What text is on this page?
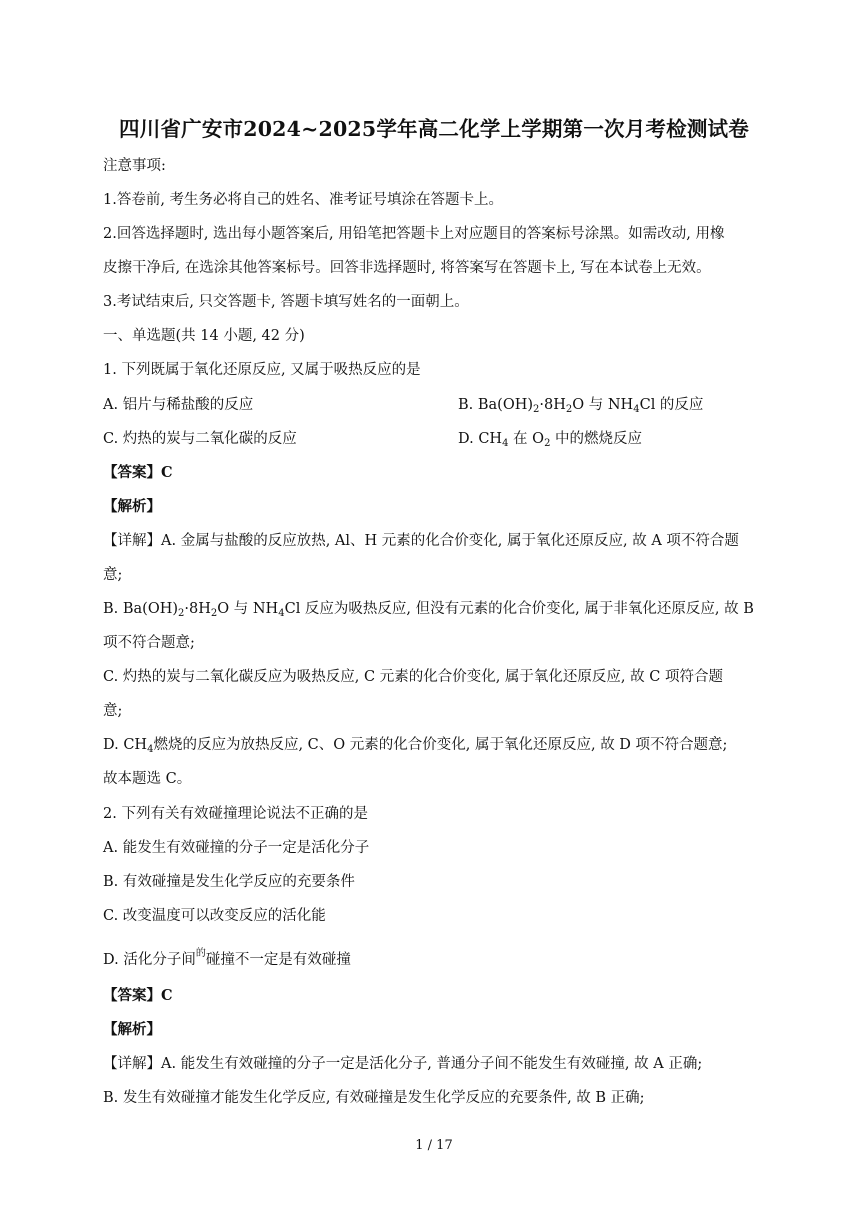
四川省广安市2024~2025学年高二化学上学期第一次月考检测试卷
注意事项:
1.答卷前, 考生务必将自己的姓名、准考证号填涂在答题卡上。
2.回答选择题时, 选出每小题答案后, 用铅笔把答题卡上对应题目的答案标号涂黑。如需改动, 用橡
皮擦干净后, 在选涂其他答案标号。回答非选择题时, 将答案写在答题卡上, 写在本试卷上无效。
3.考试结束后, 只交答题卡, 答题卡填写姓名的一面朝上。
一、单选题(共 14 小题, 42 分)
1. 下列既属于氧化还原反应, 又属于吸热反应的是
A. 铝片与稀盐酸的反应	B. $Ba(OH)_2\cdot 8H_2O$ 与 $NH_4Cl$ 的反应
C. 灼热的炭与二氧化碳的反应	D. $CH_4$ 在 $O_2$ 中的燃烧反应
【答案】C
【解析】
【详解】A. 金属与盐酸的反应放热, Al、H 元素的化合价变化, 属于氧化还原反应, 故 A 项不符合题
意;
B. $Ba(OH)_2\cdot 8H_2O$ 与 $NH_4Cl$ 反应为吸热反应, 但没有元素的化合价变化, 属于非氧化还原反应, 故 B
项不符合题意;
C. 灼热的炭与二氧化碳反应为吸热反应, C 元素的化合价变化, 属于氧化还原反应, 故 C 项符合题
意;
D. $CH_4$燃烧的反应为放热反应, C、O 元素的化合价变化, 属于氧化还原反应, 故 D 项不符合题意;
故本题选 C。
2. 下列有关有效碰撞理论说法不正确的是
A. 能发生有效碰撞的分子一定是活化分子
B. 有效碰撞是发生化学反应的充要条件
C. 改变温度可以改变反应的活化能
D. 活化分子间$^的$碰撞不一定是有效碰撞
【答案】C
【解析】
【详解】A. 能发生有效碰撞的分子一定是活化分子, 普通分子间不能发生有效碰撞, 故 A 正确;
B. 发生有效碰撞才能发生化学反应, 有效碰撞是发生化学反应的充要条件, 故 B 正确;
1 / 17
